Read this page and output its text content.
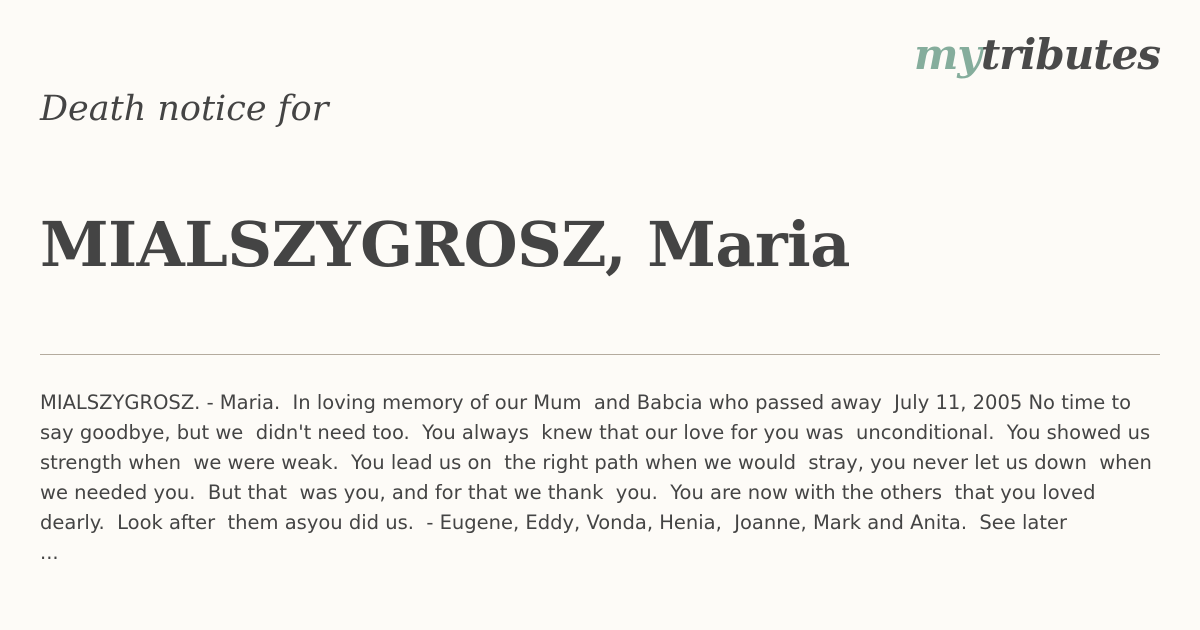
mytributes
Death notice for
MIALSZYGROSZ, Maria

MIALSZYGROSZ. - Maria.  In loving memory of our Mum  and Babcia who passed away  July 11, 2005 No time to say goodbye, but we  didn't need too.  You always  knew that our love for you was  unconditional.  You showed us strength when  we were weak.  You lead us on  the right path when we would  stray, you never let us down  when we needed you.  But that  was you, and for that we thank  you.  You are now with the others  that you loved dearly.  Look after  them asyou did us.  - Eugene, Eddy, Vonda, Henia,  Joanne, Mark and Anita.  See later
...
